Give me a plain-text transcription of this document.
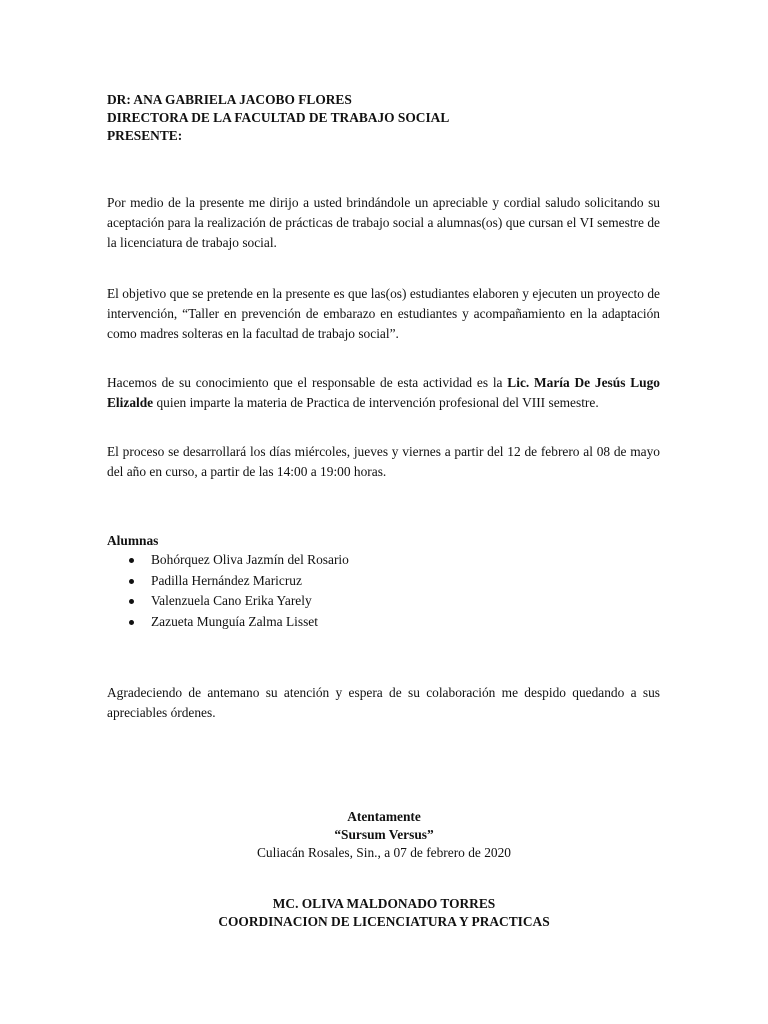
DR: ANA GABRIELA JACOBO FLORES
DIRECTORA DE LA FACULTAD DE TRABAJO SOCIAL
PRESENTE:
Por medio de la presente me dirijo a usted brindándole un apreciable y cordial saludo solicitando su aceptación para la realización de prácticas de trabajo social a alumnas(os) que cursan el VI semestre de la licenciatura de trabajo social.
El objetivo que se pretende en la presente es que las(os) estudiantes elaboren y ejecuten un proyecto de intervención, “Taller en prevención de embarazo en estudiantes y acompañamiento en la adaptación como madres solteras en la facultad de trabajo social”.
Hacemos de su conocimiento que el responsable de esta actividad es la Lic. María De Jesús Lugo Elizalde quien imparte la materia de Practica de intervención profesional del VIII semestre.
El proceso se desarrollará los días miércoles, jueves y viernes a partir del 12 de febrero al 08 de mayo del año en curso, a partir de las 14:00 a 19:00 horas.
Alumnas
Bohórquez Oliva Jazmín del Rosario
Padilla Hernández Maricruz
Valenzuela Cano Erika Yarely
Zazueta Munguía Zalma Lisset
Agradeciendo de antemano su atención y espera de su colaboración me despido quedando a sus apreciables órdenes.
Atentamente
“Sursum Versus”
Culiacán Rosales, Sin., a 07 de febrero de 2020
MC. OLIVA MALDONADO TORRES
COORDINACION DE LICENCIATURA Y PRACTICAS
